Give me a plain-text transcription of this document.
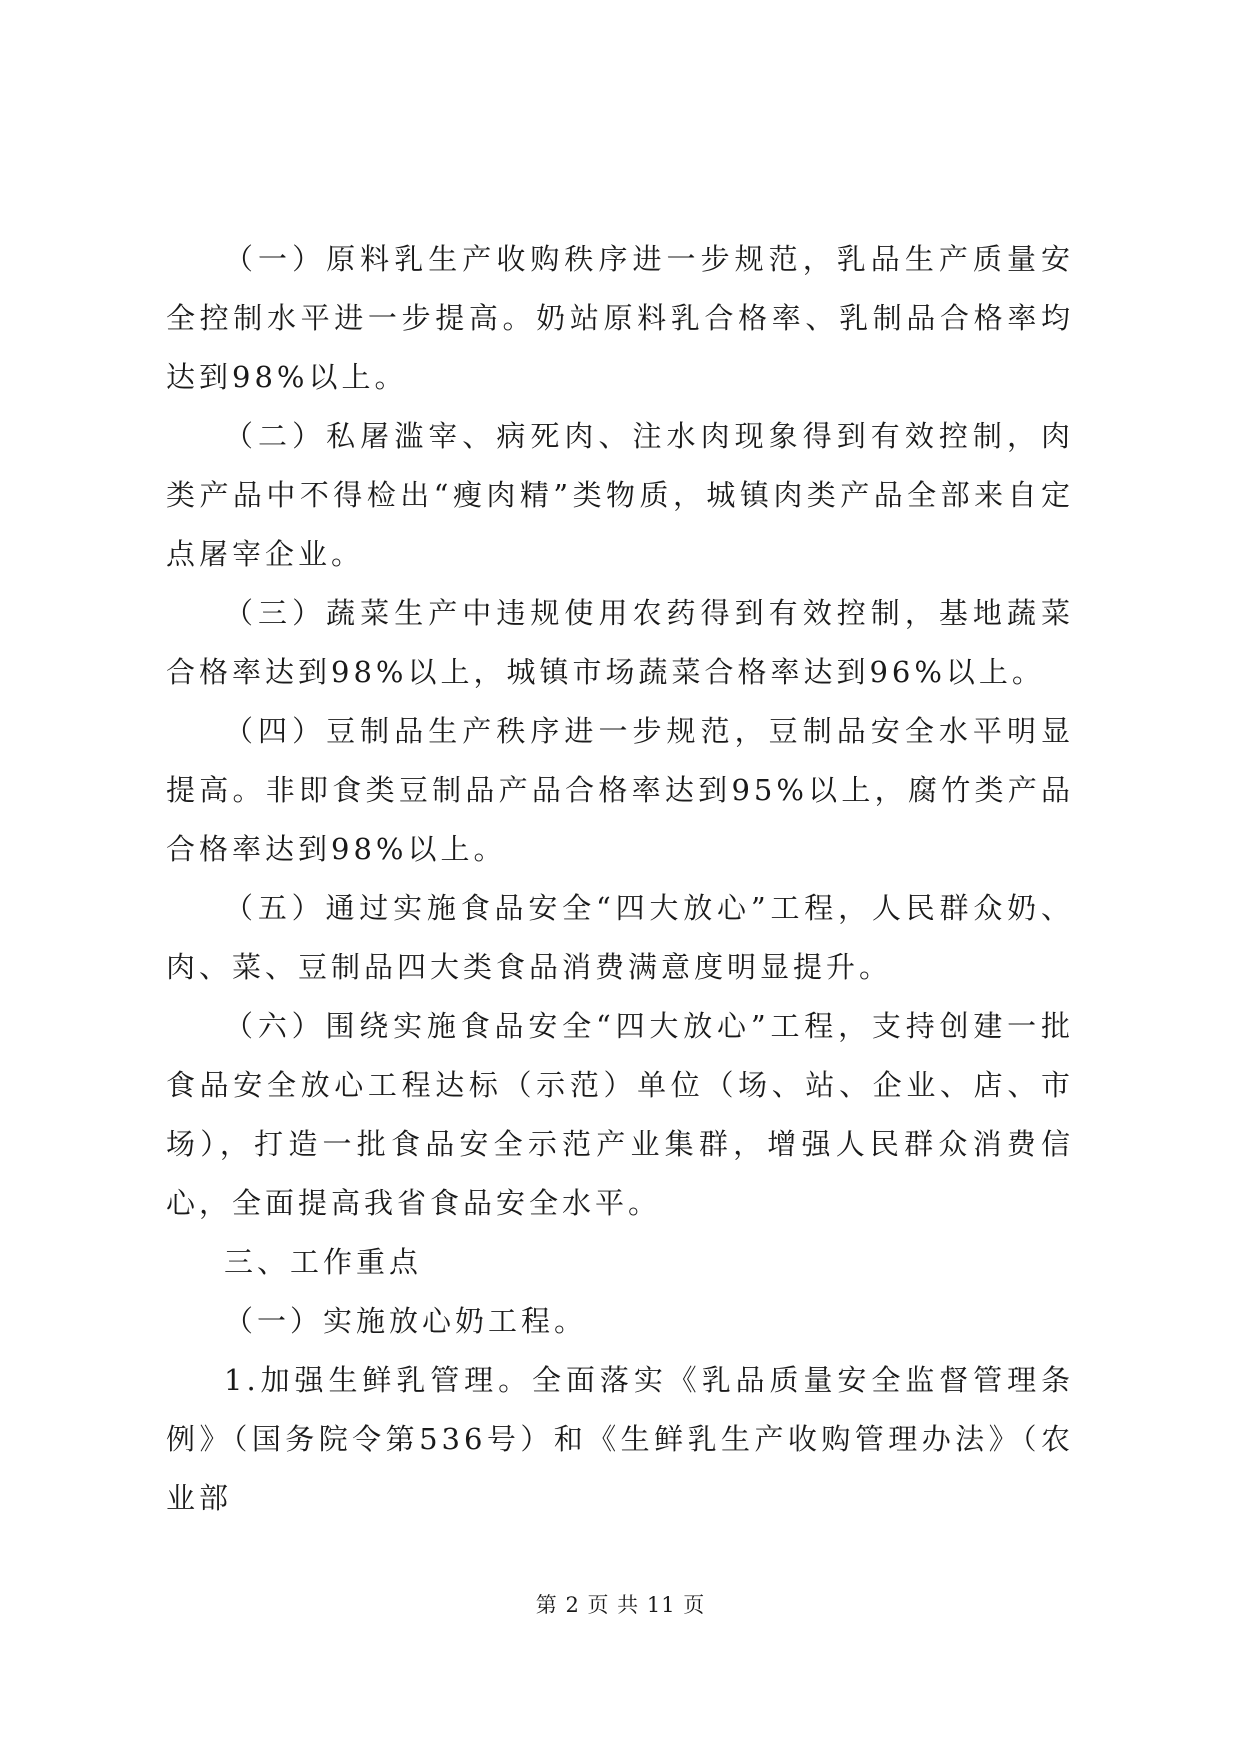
（一）原料乳生产收购秩序进一步规范，乳品生产质量安全控制水平进一步提高。奶站原料乳合格率、乳制品合格率均达到98%以上。

（二）私屠滥宰、病死肉、注水肉现象得到有效控制，肉类产品中不得检出“瘦肉精”类物质，城镇肉类产品全部来自定点屠宰企业。

（三）蔬菜生产中违规使用农药得到有效控制，基地蔬菜合格率达到98%以上，城镇市场蔬菜合格率达到96%以上。

（四）豆制品生产秩序进一步规范，豆制品安全水平明显提高。非即食类豆制品产品合格率达到95%以上，腐竹类产品合格率达到98%以上。

（五）通过实施食品安全“四大放心”工程，人民群众奶、肉、菜、豆制品四大类食品消费满意度明显提升。

（六）围绕实施食品安全“四大放心”工程，支持创建一批食品安全放心工程达标（示范）单位（场、站、企业、店、市场），打造一批食品安全示范产业集群，增强人民群众消费信心，全面提高我省食品安全水平。

三、工作重点

（一）实施放心奶工程。

1.加强生鲜乳管理。全面落实《乳品质量安全监督管理条例》（国务院令第536号）和《生鲜乳生产收购管理办法》（农业部

第 2 页 共 11 页
